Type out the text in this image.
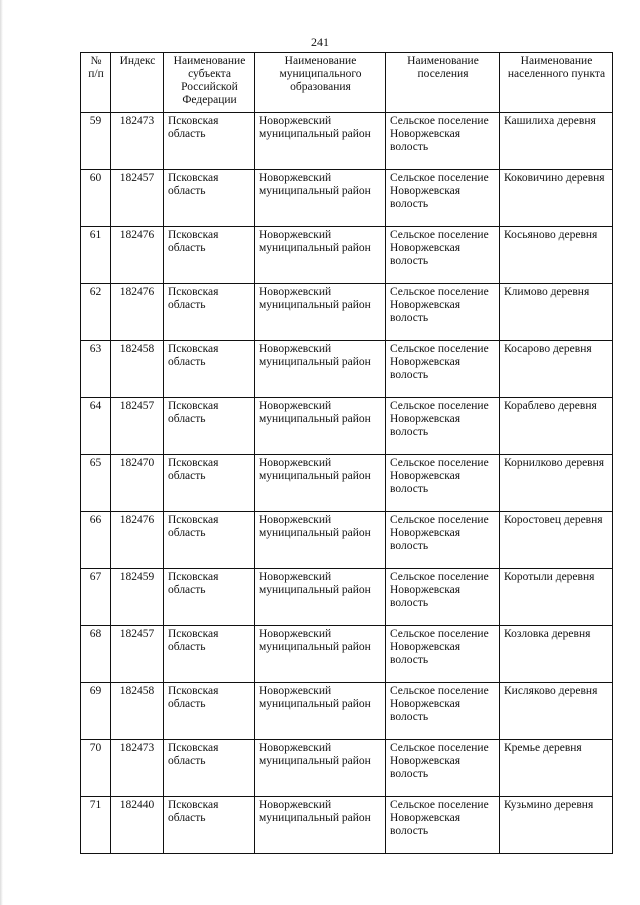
241
№ п/п	Индекс	Наименование субъекта Российской Федерации	Наименование муниципального образования	Наименование поселения	Наименование населенного пункта
59	182473	Псковская область	Новоржевский муниципальный район	Сельское поселение Новоржевская волость	Кашилиха деревня
60	182457	Псковская область	Новоржевский муниципальный район	Сельское поселение Новоржевская волость	Коковичино деревня
61	182476	Псковская область	Новоржевский муниципальный район	Сельское поселение Новоржевская волость	Косьяново деревня
62	182476	Псковская область	Новоржевский муниципальный район	Сельское поселение Новоржевская волость	Климово деревня
63	182458	Псковская область	Новоржевский муниципальный район	Сельское поселение Новоржевская волость	Косарово деревня
64	182457	Псковская область	Новоржевский муниципальный район	Сельское поселение Новоржевская волость	Кораблево деревня
65	182470	Псковская область	Новоржевский муниципальный район	Сельское поселение Новоржевская волость	Корнилково деревня
66	182476	Псковская область	Новоржевский муниципальный район	Сельское поселение Новоржевская волость	Коростовец деревня
67	182459	Псковская область	Новоржевский муниципальный район	Сельское поселение Новоржевская волость	Коротыли деревня
68	182457	Псковская область	Новоржевский муниципальный район	Сельское поселение Новоржевская волость	Козловка деревня
69	182458	Псковская область	Новоржевский муниципальный район	Сельское поселение Новоржевская волость	Кисляково деревня
70	182473	Псковская область	Новоржевский муниципальный район	Сельское поселение Новоржевская волость	Кремье деревня
71	182440	Псковская область	Новоржевский муниципальный район	Сельское поселение Новоржевская волость	Кузьмино деревня
